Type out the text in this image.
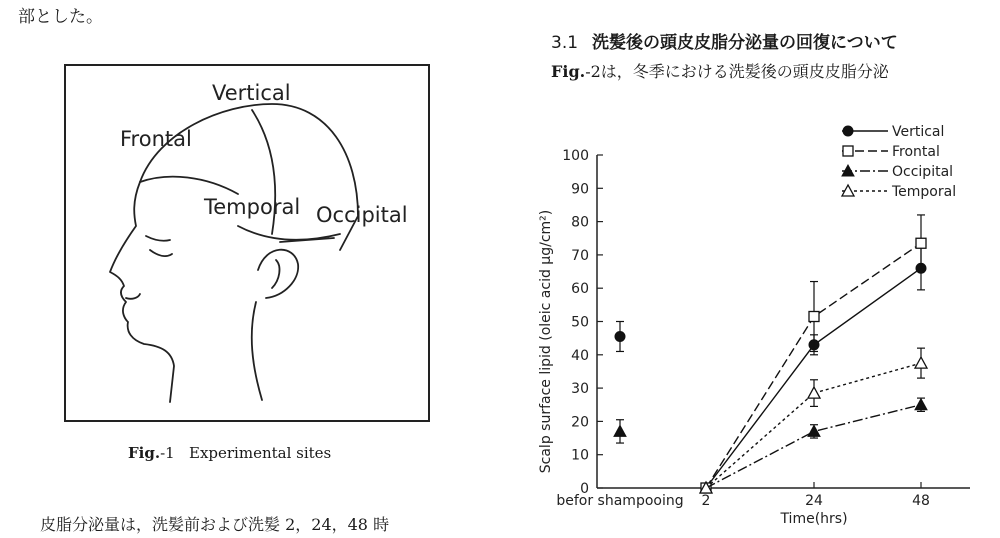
部とした。
Vertical
Frontal
Temporal Occipital
Fig.-1 Experimental sites
皮脂分泌量は，洗髪前および洗髪 2，24，48 時
3.1 洗髪後の頭皮皮脂分泌量の回復について
Fig.-2は，冬季における洗髪後の頭皮皮脂分泌
0
10
20
30
40
50
60
70
80
90
100
befor shampooing 2	24	48
Time(hrs)
Scalp surface lipid (oleic acid μg/cm²)
Vertical
Frontal
Occipital
Temporal
